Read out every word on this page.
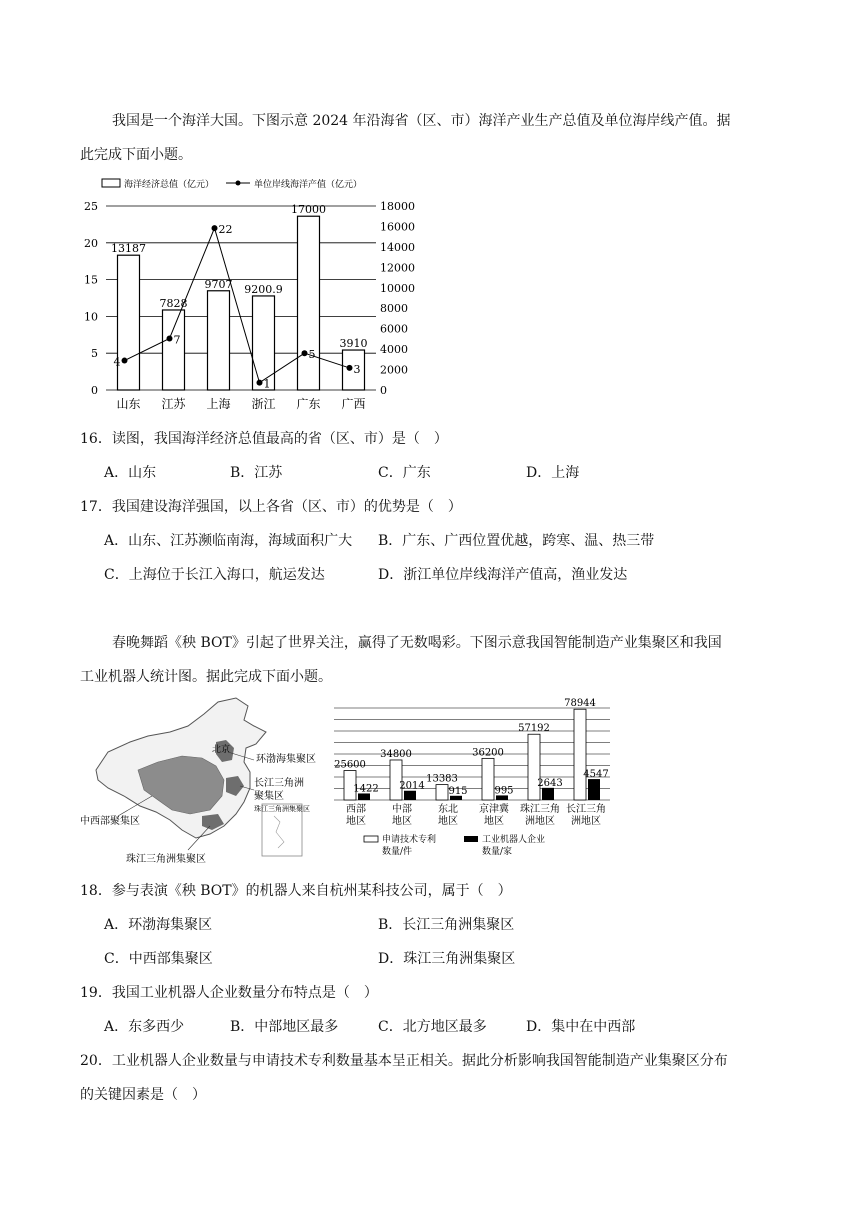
我国是一个海洋大国。下图示意 2024 年沿海省（区、市）海洋产业生产总值及单位海岸线产值。据
此完成下面小题。
海洋经济总值（亿元）	单位岸线海洋产值（亿元）
0
5
10
15
20
25
0
2000
4000
6000
8000
10000
12000
14000
16000
18000
13187
7828
9707 9200.9
17000
3910
4
7
22
1
5
3
山东 江苏 上海 浙江 广东 广西
16．读图，我国海洋经济总值最高的省（区、市）是（　）
A．山东	B．江苏	C．广东	D．上海
17．我国建设海洋强国，以上各省（区、市）的优势是（　）
A．山东、江苏濒临南海，海域面积广大 B．广东、广西位置优越，跨寒、温、热三带
C．上海位于长江入海口，航运发达	D．浙江单位岸线海洋产值高，渔业发达
春晚舞蹈《秧 BOT》引起了世界关注，赢得了无数喝彩。下图示意我国智能制造产业集聚区和我国
工业机器人统计图。据此完成下面小题。
北京
环渤海集聚区
长江三角洲
聚集区
珠江三角洲集聚区
中西部聚集区
珠江三角洲集聚区
25600
1422
34800
2014
13383
915
36200
995
57192
2643
78944
4547
西部
地区
中部
地区
东北
地区
京津冀
地区
珠江三角
洲地区
长江三角
洲地区
申请技术专利
数量/件
工业机器人企业
数量/家
18．参与表演《秧 BOT》的机器人来自杭州某科技公司，属于（　）
A．环渤海集聚区	B．长江三角洲集聚区
C．中西部集聚区	D．珠江三角洲集聚区
19．我国工业机器人企业数量分布特点是（　）
A．东多西少	B．中部地区最多	C．北方地区最多	D．集中在中西部
20．工业机器人企业数量与申请技术专利数量基本呈正相关。据此分析影响我国智能制造产业集聚区分布
的关键因素是（　）
